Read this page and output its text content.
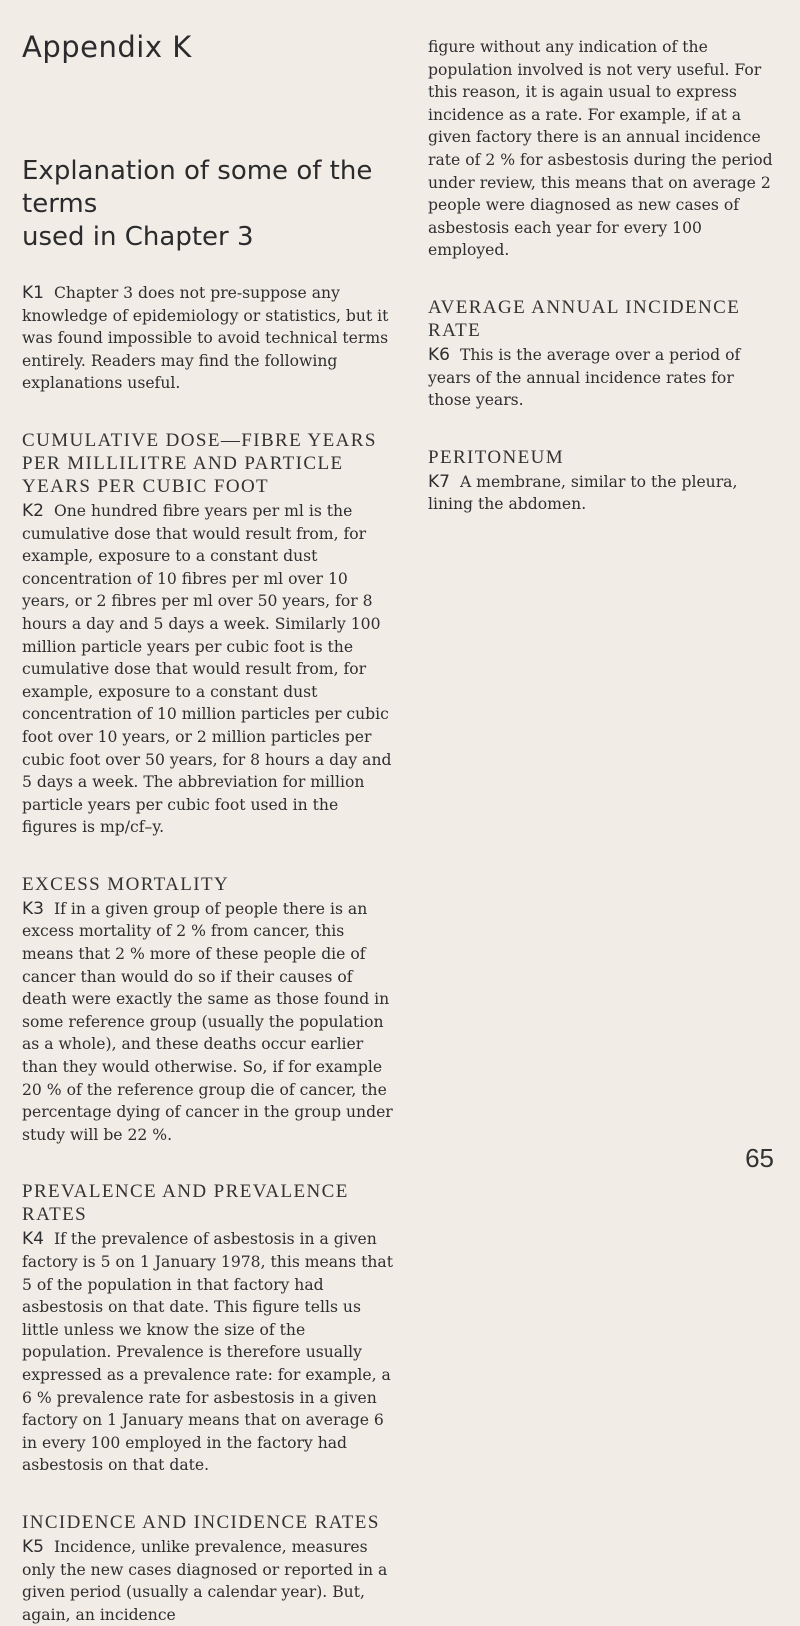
Appendix K
Explanation of some of the terms
used in Chapter 3

K1 Chapter 3 does not pre-suppose any knowledge of epidemiology or statistics, but it was found impossible to avoid technical terms entirely. Readers may find the following explanations useful.

CUMULATIVE DOSE—FIBRE YEARS PER MILLILITRE AND PARTICLE YEARS PER CUBIC FOOT

K2 One hundred fibre years per ml is the cumulative dose that would result from, for example, exposure to a constant dust concentration of 10 fibres per ml over 10 years, or 2 fibres per ml over 50 years, for 8 hours a day and 5 days a week. Similarly 100 million particle years per cubic foot is the cumulative dose that would result from, for example, exposure to a constant dust concentration of 10 million particles per cubic foot over 10 years, or 2 million particles per cubic foot over 50 years, for 8 hours a day and 5 days a week. The abbreviation for million particle years per cubic foot used in the figures is mp/cf–y.

EXCESS MORTALITY

K3 If in a given group of people there is an excess mortality of 2 % from cancer, this means that 2 % more of these people die of cancer than would do so if their causes of death were exactly the same as those found in some reference group (usually the population as a whole), and these deaths occur earlier than they would otherwise. So, if for example 20 % of the reference group die of cancer, the percentage dying of cancer in the group under study will be 22 %.

PREVALENCE AND PREVALENCE RATES

K4 If the prevalence of asbestosis in a given factory is 5 on 1 January 1978, this means that 5 of the population in that factory had asbestosis on that date. This figure tells us little unless we know the size of the population. Prevalence is therefore usually expressed as a prevalence rate: for example, a 6 % prevalence rate for asbestosis in a given factory on 1 January means that on average 6 in every 100 employed in the factory had asbestosis on that date.

INCIDENCE AND INCIDENCE RATES

K5 Incidence, unlike prevalence, measures only the new cases diagnosed or reported in a given period (usually a calendar year). But, again, an incidence

figure without any indication of the population involved is not very useful. For this reason, it is again usual to express incidence as a rate. For example, if at a given factory there is an annual incidence rate of 2 % for asbestosis during the period under review, this means that on average 2 people were diagnosed as new cases of asbestosis each year for every 100 employed.

AVERAGE ANNUAL INCIDENCE RATE

K6 This is the average over a period of years of the annual incidence rates for those years.

PERITONEUM

K7 A membrane, similar to the pleura, lining the abdomen.

65
